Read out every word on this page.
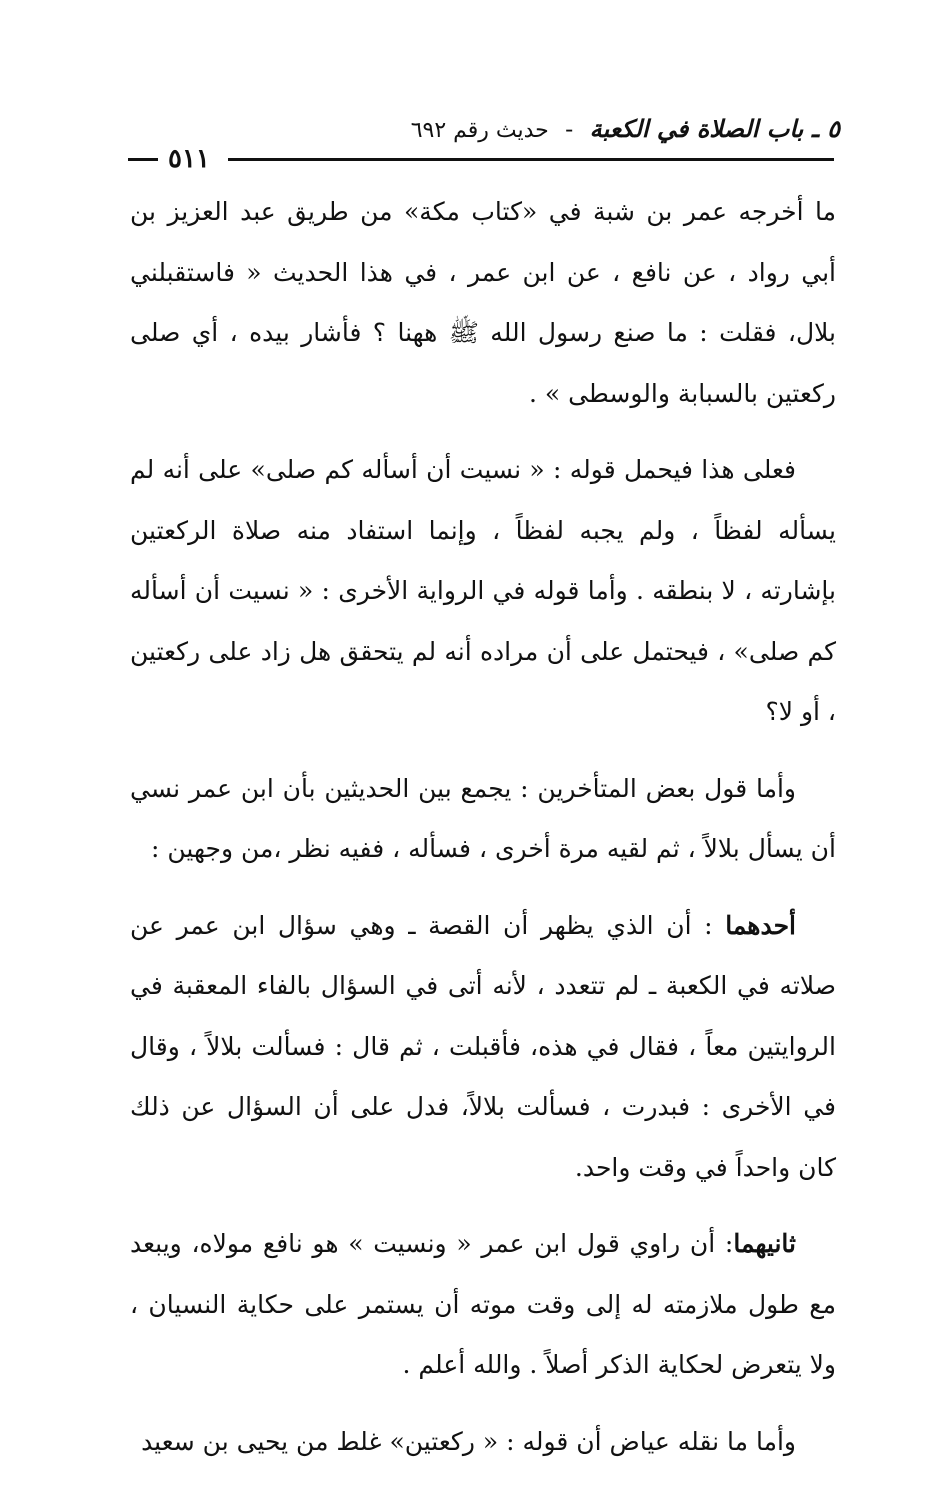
٥ ـ باب الصلاة في الكعبة - حديث رقم ٦٩٢
٥١١

ما أخرجه عمر بن شبة في «كتاب مكة» من طريق عبد العزيز بن أبي رواد ، عن نافع ، عن ابن عمر ، في هذا الحديث « فاستقبلني بلال، فقلت : ما صنع رسول الله ﷺ ههنا ؟ فأشار بيده ، أي صلى ركعتين بالسبابة والوسطى » .

فعلى هذا فيحمل قوله : « نسيت أن أسأله كم صلى» على أنه لم يسأله لفظاً ، ولم يجبه لفظاً ، وإنما استفاد منه صلاة الركعتين بإشارته ، لا بنطقه . وأما قوله في الرواية الأخرى : « نسيت أن أسأله كم صلى» ، فيحتمل على أن مراده أنه لم يتحقق هل زاد على ركعتين ، أو لا؟

وأما قول بعض المتأخرين : يجمع بين الحديثين بأن ابن عمر نسي أن يسأل بلالاً ، ثم لقيه مرة أخرى ، فسأله ، ففيه نظر ،من وجهين :

أحدهما : أن الذي يظهر أن القصة ـ وهي سؤال ابن عمر عن صلاته في الكعبة ـ لم تتعدد ، لأنه أتى في السؤال بالفاء المعقبة في الروايتين معاً ، فقال في هذه، فأقبلت ، ثم قال : فسألت بلالاً ، وقال في الأخرى : فبدرت ، فسألت بلالاً، فدل على أن السؤال عن ذلك كان واحداً في وقت واحد.

ثانيهما: أن راوي قول ابن عمر « ونسيت » هو نافع مولاه، ويبعد مع طول ملازمته له إلى وقت موته أن يستمر على حكاية النسيان ، ولا يتعرض لحكاية الذكر أصلاً . والله أعلم .

وأما ما نقله عياض أن قوله : « ركعتين» غلط من يحيى بن سعيد
